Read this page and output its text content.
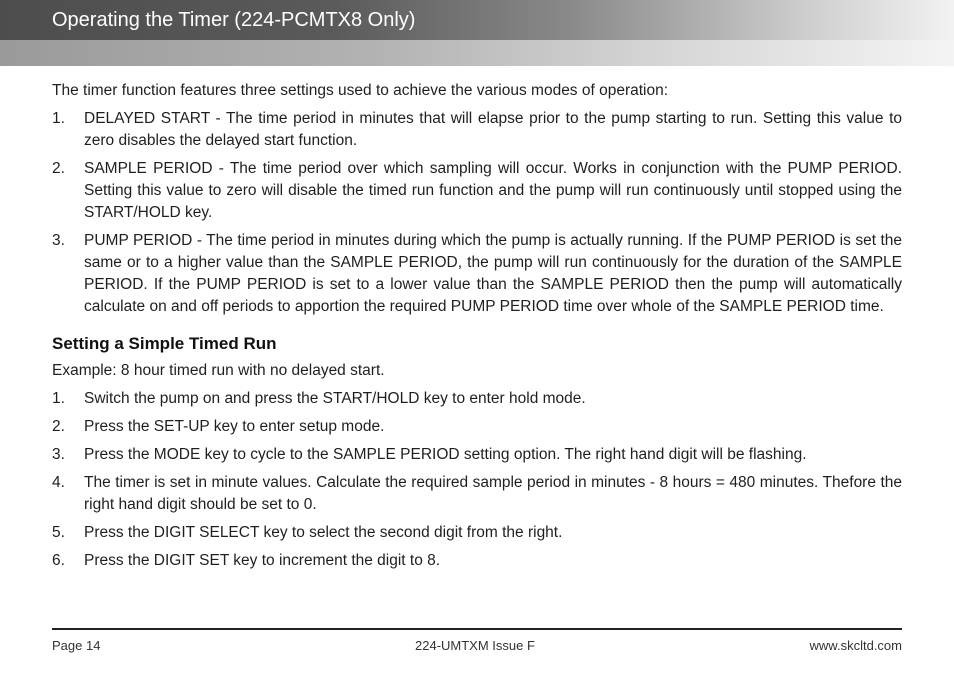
Operating the Timer (224-PCMTX8 Only)

The timer function features three settings used to achieve the various modes of operation:

1. DELAYED START - The time period in minutes that will elapse prior to the pump starting to run. Setting this value to zero disables the delayed start function.
2. SAMPLE PERIOD - The time period over which sampling will occur. Works in conjunction with the PUMP PERIOD. Setting this value to zero will disable the timed run function and the pump will run continuously until stopped using the START/HOLD key.
3. PUMP PERIOD - The time period in minutes during which the pump is actually running. If the PUMP PERIOD is set the same or to a higher value than the SAMPLE PERIOD, the pump will run continuously for the duration of the SAMPLE PERIOD. If the PUMP PERIOD is set to a lower value than the SAMPLE PERIOD then the pump will automatically calculate on and off periods to apportion the required PUMP PERIOD time over whole of the SAMPLE PERIOD time.
Setting a Simple Timed Run

Example: 8 hour timed run with no delayed start.

1. Switch the pump on and press the START/HOLD key to enter hold mode.
2. Press the SET-UP key to enter setup mode.
3. Press the MODE key to cycle to the SAMPLE PERIOD setting option. The right hand digit will be flashing.
4. The timer is set in minute values. Calculate the required sample period in minutes - 8 hours = 480 minutes. Thefore the right hand digit should be set to 0.
5. Press the DIGIT SELECT key to select the second digit from the right.
6. Press the DIGIT SET key to increment the digit to 8.
Page 14	224-UMTXM Issue F	www.skcltd.com
